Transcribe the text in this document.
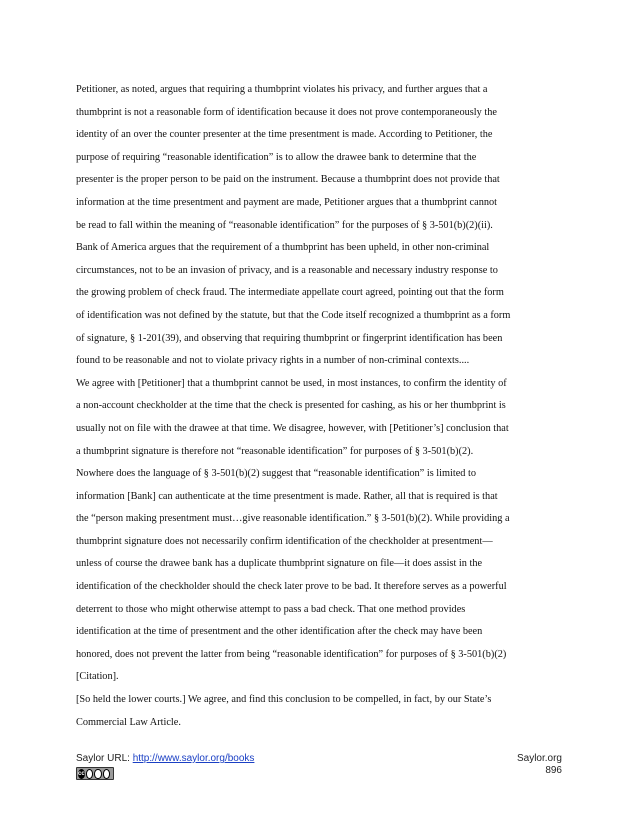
Petitioner, as noted, argues that requiring a thumbprint violates his privacy, and further argues that a
thumbprint is not a reasonable form of identification because it does not prove contemporaneously the
identity of an over the counter presenter at the time presentment is made. According to Petitioner, the
purpose of requiring “reasonable identification” is to allow the drawee bank to determine that the
presenter is the proper person to be paid on the instrument. Because a thumbprint does not provide that
information at the time presentment and payment are made, Petitioner argues that a thumbprint cannot
be read to fall within the meaning of “reasonable identification” for the purposes of § 3-501(b)(2)(ii).
Bank of America argues that the requirement of a thumbprint has been upheld, in other non-criminal
circumstances, not to be an invasion of privacy, and is a reasonable and necessary industry response to
the growing problem of check fraud. The intermediate appellate court agreed, pointing out that the form
of identification was not defined by the statute, but that the Code itself recognized a thumbprint as a form
of signature, § 1-201(39), and observing that requiring thumbprint or fingerprint identification has been
found to be reasonable and not to violate privacy rights in a number of non-criminal contexts....
We agree with [Petitioner] that a thumbprint cannot be used, in most instances, to confirm the identity of
a non-account checkholder at the time that the check is presented for cashing, as his or her thumbprint is
usually not on file with the drawee at that time. We disagree, however, with [Petitioner’s] conclusion that
a thumbprint signature is therefore not “reasonable identification” for purposes of § 3-501(b)(2).
Nowhere does the language of § 3-501(b)(2) suggest that “reasonable identification” is limited to
information [Bank] can authenticate at the time presentment is made. Rather, all that is required is that
the “person making presentment must…give reasonable identification.” § 3-501(b)(2). While providing a
thumbprint signature does not necessarily confirm identification of the checkholder at presentment—
unless of course the drawee bank has a duplicate thumbprint signature on file—it does assist in the
identification of the checkholder should the check later prove to be bad. It therefore serves as a powerful
deterrent to those who might otherwise attempt to pass a bad check. That one method provides
identification at the time of presentment and the other identification after the check may have been
honored, does not prevent the latter from being “reasonable identification” for purposes of § 3-501(b)(2)
[Citation].
[So held the lower courts.] We agree, and find this conclusion to be compelled, in fact, by our State’s
Commercial Law Article.
Saylor URL: http://www.saylor.org/books
cc
Saylor.org
896
